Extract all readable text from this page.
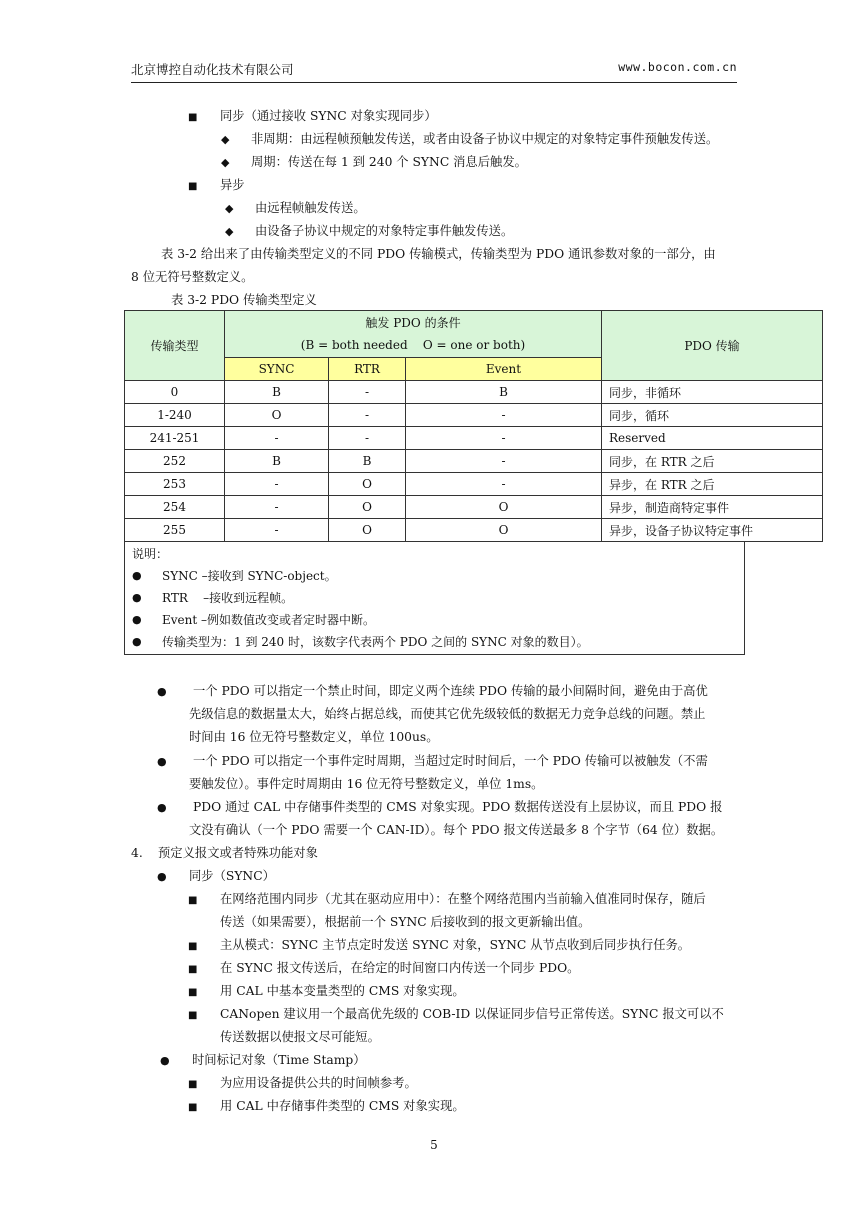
北京博控自动化技术有限公司	www.bocon.com.cn
■
同步（通过接收 SYNC 对象实现同步）
◆
非周期：由远程帧预触发传送，或者由设备子协议中规定的对象特定事件预触发传送。
◆
周期：传送在每 1 到 240 个 SYNC 消息后触发。
■
异步
◆
由远程帧触发传送。
◆
由设备子协议中规定的对象特定事件触发传送。
表 3-2 给出来了由传输类型定义的不同 PDO 传输模式，传输类型为 PDO 通讯参数对象的一部分，由
8 位无符号整数定义。
表 3-2 PDO 传输类型定义
传输类型	触发 PDO 的条件
(B = both needed    O = one or both)			PDO 传输
	SYNC	RTR	Event	
0	B	-	B	同步，非循环
1-240	O	-	-	同步，循环
241-251	-	-	-	Reserved
252	B	B	-	同步，在 RTR 之后
253	-	O	-	异步，在 RTR 之后
254	-	O	O	异步，制造商特定事件
255	-	O	O	异步，设备子协议特定事件
说明：
●
SYNC –接收到 SYNC-object。
●
RTR    –接收到远程帧。
●
Event –例如数值改变或者定时器中断。
●
传输类型为：1 到 240 时，该数字代表两个 PDO 之间的 SYNC 对象的数目）。
●
一个 PDO 可以指定一个禁止时间，即定义两个连续 PDO 传输的最小间隔时间，避免由于高优
先级信息的数据量太大，始终占据总线，而使其它优先级较低的数据无力竞争总线的问题。禁止
时间由 16 位无符号整数定义，单位 100us。
●
一个 PDO 可以指定一个事件定时周期，当超过定时时间后，一个 PDO 传输可以被触发（不需
要触发位）。事件定时周期由 16 位无符号整数定义，单位 1ms。
●
PDO 通过 CAL 中存储事件类型的 CMS 对象实现。PDO 数据传送没有上层协议，而且 PDO 报
文没有确认（一个 PDO 需要一个 CAN-ID）。每个 PDO 报文传送最多 8 个字节（64 位）数据。
4. 预定义报文或者特殊功能对象
●
同步（SYNC）
■
在网络范围内同步（尤其在驱动应用中）：在整个网络范围内当前输入值准同时保存，随后
传送（如果需要），根据前一个 SYNC 后接收到的报文更新输出值。
■
主从模式：SYNC 主节点定时发送 SYNC 对象，SYNC 从节点收到后同步执行任务。
■
在 SYNC 报文传送后，在给定的时间窗口内传送一个同步 PDO。
■
用 CAL 中基本变量类型的 CMS 对象实现。
■
CANopen 建议用一个最高优先级的 COB-ID 以保证同步信号正常传送。SYNC 报文可以不
传送数据以使报文尽可能短。
●
时间标记对象（Time Stamp）
■
为应用设备提供公共的时间帧参考。
■
用 CAL 中存储事件类型的 CMS 对象实现。
5
